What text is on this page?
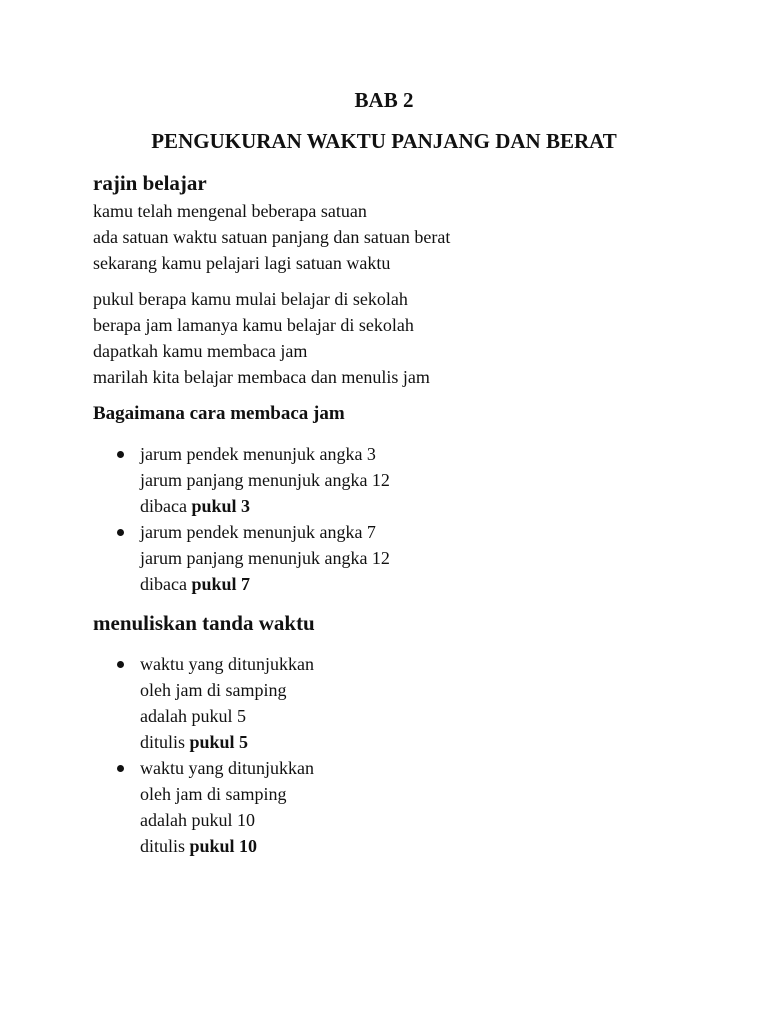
BAB 2
PENGUKURAN WAKTU PANJANG DAN BERAT
rajin belajar
kamu telah mengenal beberapa satuan
ada satuan waktu satuan panjang dan satuan berat
sekarang kamu pelajari lagi satuan waktu
pukul berapa kamu mulai belajar di sekolah
berapa jam lamanya kamu belajar di sekolah
dapatkah kamu membaca jam
marilah kita belajar membaca dan menulis jam
Bagaimana cara membaca jam
jarum pendek menunjuk angka 3
jarum panjang menunjuk angka 12
dibaca pukul 3
jarum pendek menunjuk angka 7
jarum panjang menunjuk angka 12
dibaca pukul 7
menuliskan tanda waktu
waktu yang ditunjukkan
oleh jam di samping
adalah pukul 5
ditulis pukul 5
waktu yang ditunjukkan
oleh jam di samping
adalah pukul 10
ditulis pukul 10
